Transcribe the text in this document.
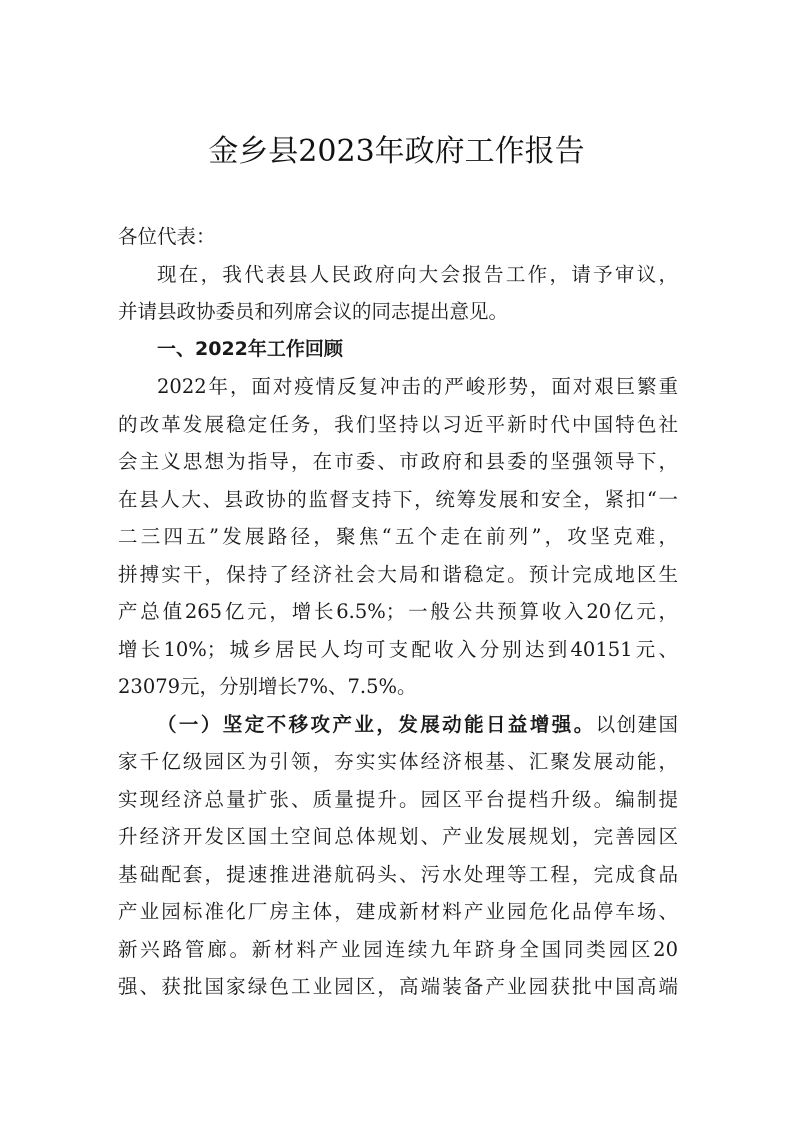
金乡县2023年政府工作报告
各位代表：
现在，我代表县人民政府向大会报告工作，请予审议，
并请县政协委员和列席会议的同志提出意见。
一、2022年工作回顾
2022年，面对疫情反复冲击的严峻形势，面对艰巨繁重
的改革发展稳定任务，我们坚持以习近平新时代中国特色社
会主义思想为指导，在市委、市政府和县委的坚强领导下，
在县人大、县政协的监督支持下，统筹发展和安全，紧扣“一
二三四五”发展路径，聚焦“五个走在前列”，攻坚克难，
拼搏实干，保持了经济社会大局和谐稳定。预计完成地区生
产总值265亿元，增长6.5%；一般公共预算收入20亿元，
增长10%；城乡居民人均可支配收入分别达到40151元、
23079元，分别增长7%、7.5%。
（一）坚定不移攻产业，发展动能日益增强。以创建国
家千亿级园区为引领，夯实实体经济根基、汇聚发展动能，
实现经济总量扩张、质量提升。园区平台提档升级。编制提
升经济开发区国土空间总体规划、产业发展规划，完善园区
基础配套，提速推进港航码头、污水处理等工程，完成食品
产业园标准化厂房主体，建成新材料产业园危化品停车场、
新兴路管廊。新材料产业园连续九年跻身全国同类园区20
强、获批国家绿色工业园区，高端装备产业园获批中国高端
